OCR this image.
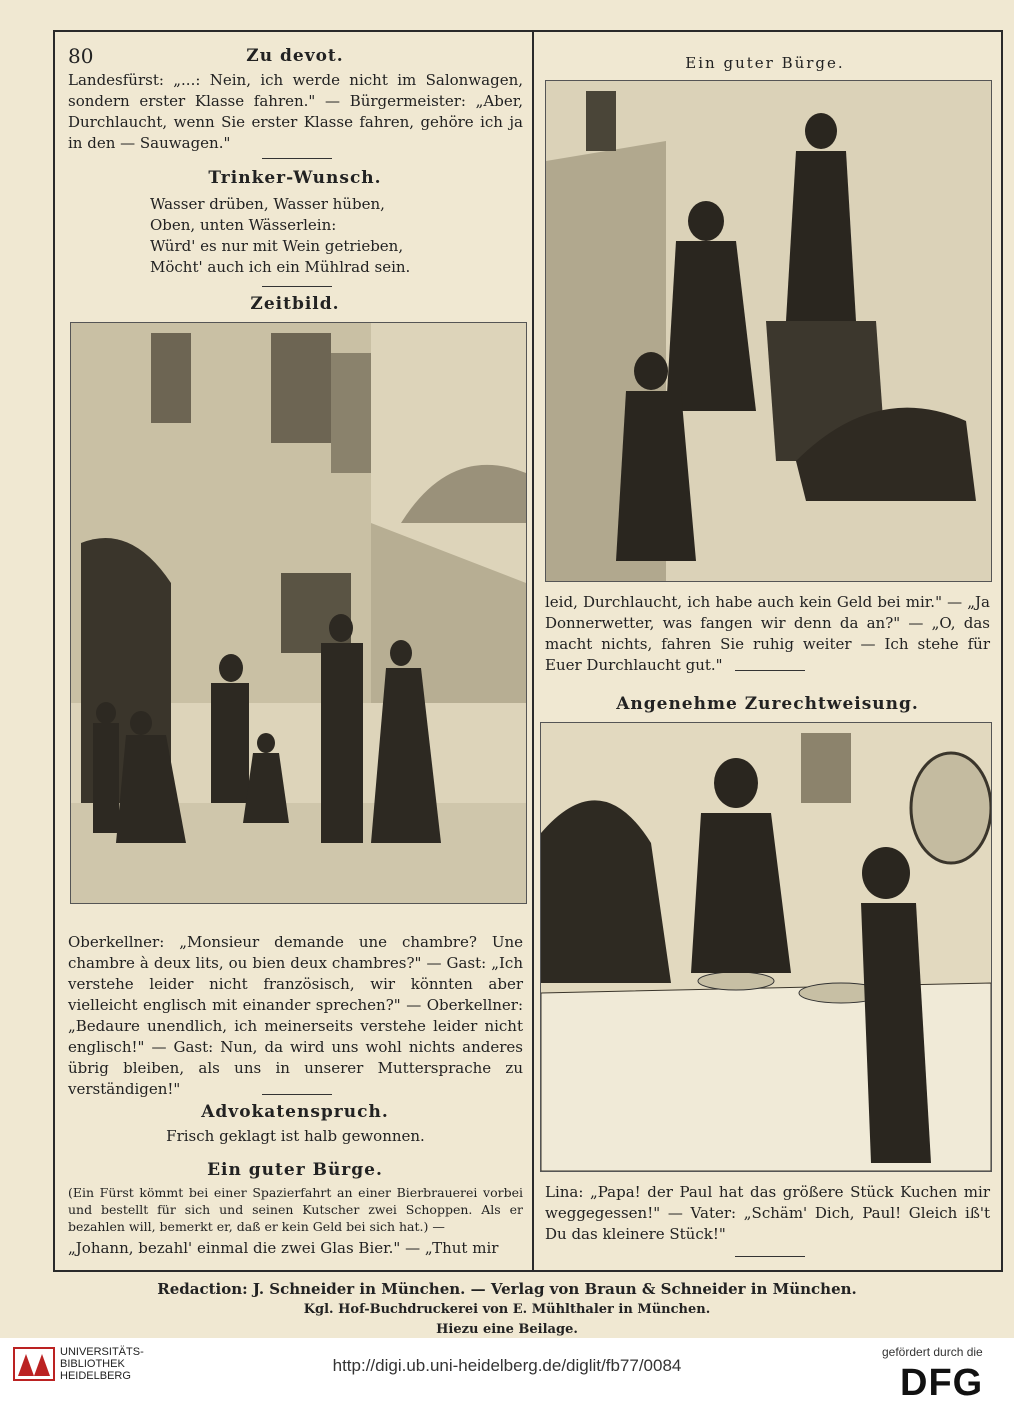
80	Zu devot.
Landesfürst: „...: Nein, ich werde nicht im Salonwagen, sondern erster Klasse fahren." — Bürgermeister: „Aber, Durchlaucht, wenn Sie erster Klasse fahren, gehöre ich ja in den — Sauwagen."
Trinker-Wunsch.
Wasser drüben, Wasser hüben,
Oben, unten Wässerlein:
Würd' es nur mit Wein getrieben,
Möcht' auch ich ein Mühlrad sein.
Zeitbild.
Oberkellner: „Monsieur demande une chambre? Une chambre à deux lits, ou bien deux chambres?" — Gast: „Ich verstehe leider nicht französisch, wir könnten aber vielleicht englisch mit einander sprechen?" — Oberkellner: „Bedaure unendlich, ich meinerseits verstehe leider nicht englisch!" — Gast: Nun, da wird uns wohl nichts anderes übrig bleiben, als uns in unserer Muttersprache zu verständigen!"
Advokatenspruch.
Frisch geklagt ist halb gewonnen.
Ein guter Bürge.
(Ein Fürst kömmt bei einer Spazierfahrt an einer Bierbrauerei vorbei und bestellt für sich und seinen Kutscher zwei Schoppen. Als er bezahlen will, bemerkt er, daß er kein Geld bei sich hat.) —
„Johann, bezahl' einmal die zwei Glas Bier." — „Thut mir
Ein guter Bürge.
leid, Durchlaucht, ich habe auch kein Geld bei mir." — „Ja Donnerwetter, was fangen wir denn da an?" — „O, das macht nichts, fahren Sie ruhig weiter — Ich stehe für Euer Durchlaucht gut."
Angenehme Zurechtweisung.
Lina: „Papa! der Paul hat das größere Stück Kuchen mir weggegessen!" — Vater: „Schäm' Dich, Paul! Gleich iß't Du das kleinere Stück!"
Redaction: J. Schneider in München. — Verlag von Braun & Schneider in München.
Kgl. Hof-Buchdruckerei von E. Mühlthaler in München.
Hiezu eine Beilage.
UNIVERSITÄTS-
BIBLIOTHEK
HEIDELBERG
http://digi.ub.uni-heidelberg.de/diglit/fb77/0084
gefördert durch die
DFG
